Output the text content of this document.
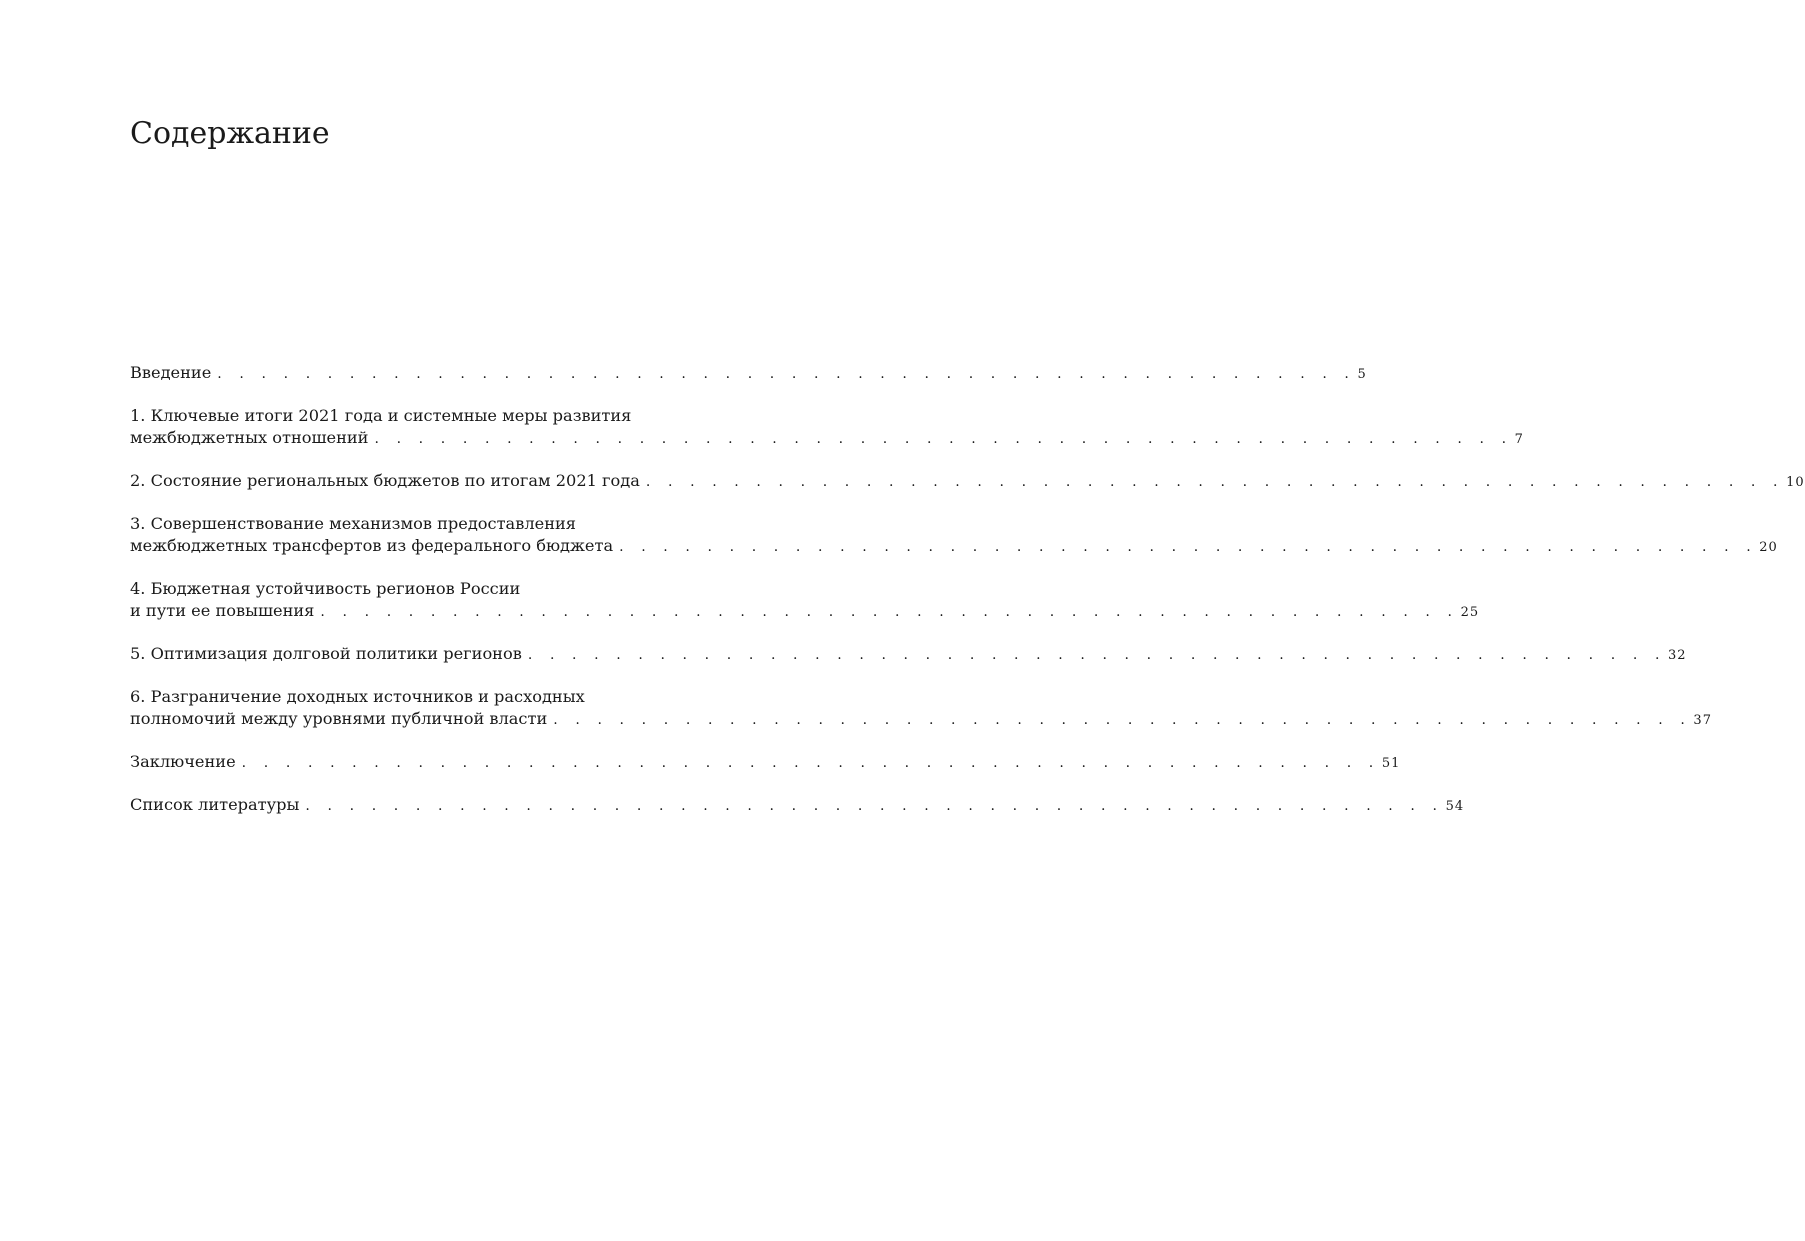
Содержание
Введение . . . . . . . . . . . . . . . . . . . . . . . . . . . . . . . . . . . . . . . . . . . . . . . . . . . . 5
1. Ключевые итоги 2021 года и системные меры развития
межбюджетных отношений . . . . . . . . . . . . . . . . . . . . . . . . . . . . . . . . . . . . . . . . . . . . . . . . . . . . 7
2. Состояние региональных бюджетов по итогам 2021 года . . . . . . . . . . . . . . . . . . . . . . . . . . . . . . . . . . . . . . . . . . . . . . . . . . . . 10
3. Совершенствование механизмов предоставления
межбюджетных трансфертов из федерального бюджета . . . . . . . . . . . . . . . . . . . . . . . . . . . . . . . . . . . . . . . . . . . . . . . . . . . . 20
4. Бюджетная устойчивость регионов России
и пути ее повышения . . . . . . . . . . . . . . . . . . . . . . . . . . . . . . . . . . . . . . . . . . . . . . . . . . . . 25
5. Оптимизация долговой политики регионов . . . . . . . . . . . . . . . . . . . . . . . . . . . . . . . . . . . . . . . . . . . . . . . . . . . . 32
6. Разграничение доходных источников и расходных
полномочий между уровнями публичной власти . . . . . . . . . . . . . . . . . . . . . . . . . . . . . . . . . . . . . . . . . . . . . . . . . . . . 37
Заключение . . . . . . . . . . . . . . . . . . . . . . . . . . . . . . . . . . . . . . . . . . . . . . . . . . . . 51
Список литературы . . . . . . . . . . . . . . . . . . . . . . . . . . . . . . . . . . . . . . . . . . . . . . . . . . . . 54
